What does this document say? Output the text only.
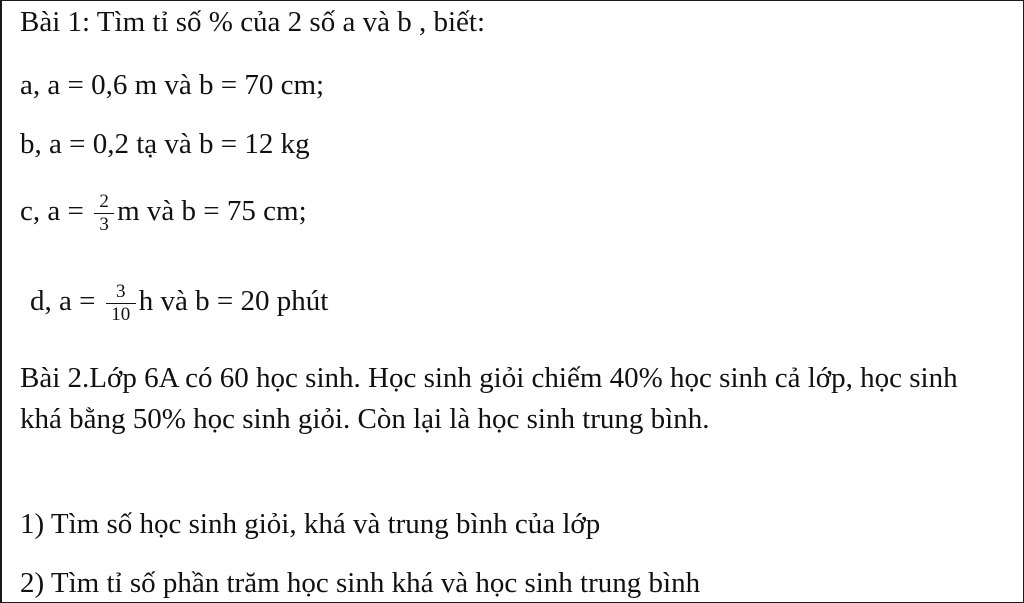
Bài 1: Tìm tỉ số % của 2 số a và b , biết:
a, a = 0,6 m và b = 70 cm;
b, a = 0,2 tạ và b = 12 kg
c, $a = \frac{2}{3}$ m và b = 75 cm;
d, $a = \frac{3}{10}$ h và b = 20 phút
Bài 2.Lớp 6A có 60 học sinh. Học sinh giỏi chiếm 40% học sinh cả lớp, học sinh khá bằng 50% học sinh giỏi. Còn lại là học sinh trung bình.
1) Tìm số học sinh giỏi, khá và trung bình của lớp
2) Tìm tỉ số phần trăm học sinh khá và học sinh trung bình
